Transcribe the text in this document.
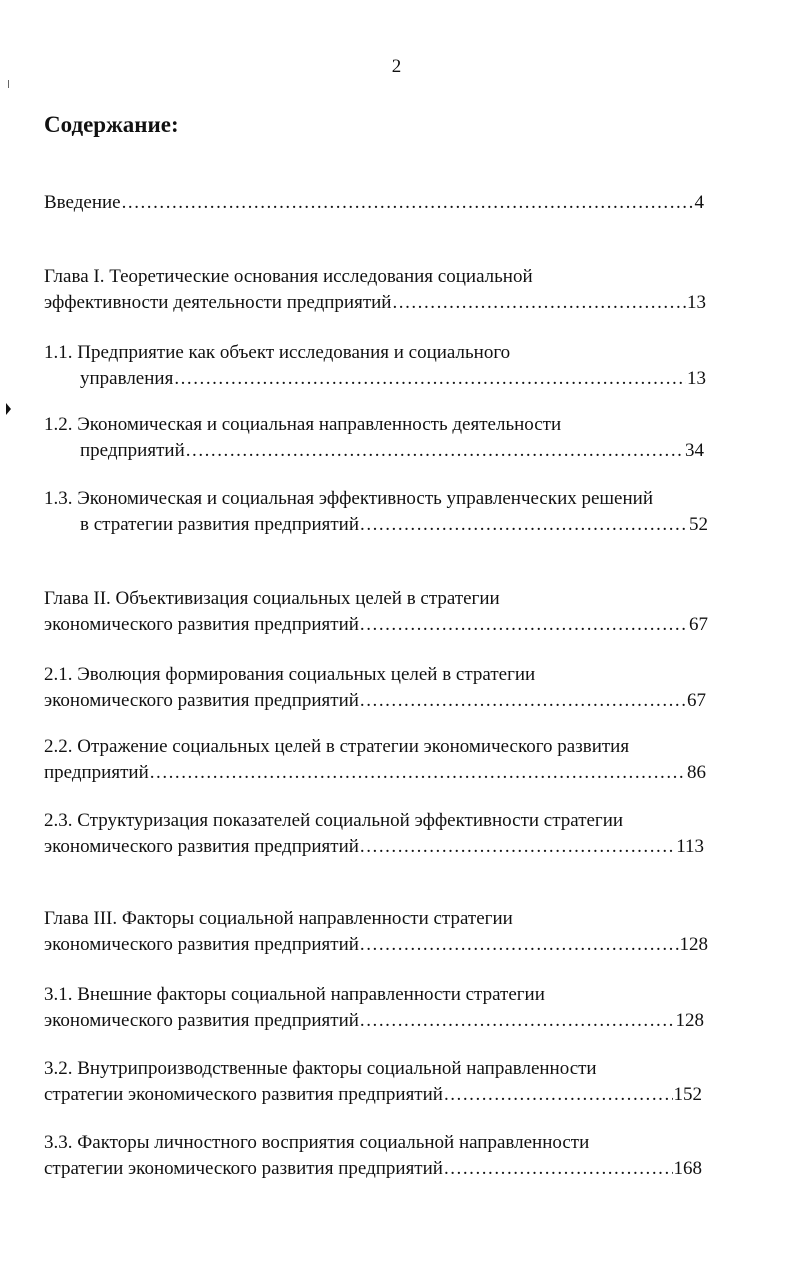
2
Содержание:
Введение . . .	4
Глава I. Теоретические основания исследования социальной
эффективности деятельности предприятий . . .	13
1.1. Предприятие как объект исследования и социального
управления . . .	13
1.2. Экономическая и социальная направленность деятельности
предприятий . . .	34
1.3. Экономическая и социальная эффективность управленческих решений
в стратегии развития предприятий . . .	52
Глава II. Объективизация социальных целей в стратегии
экономического развития предприятий . . .	67
2.1. Эволюция формирования социальных целей в стратегии
экономического развития предприятий . . .	67
2.2. Отражение социальных целей в стратегии экономического развития
предприятий . . .	86
2.3. Структуризация показателей социальной эффективности стратегии
экономического развития предприятий . . .	113
Глава III. Факторы социальной направленности стратегии
экономического развития предприятий . . .	128
3.1. Внешние факторы социальной направленности стратегии
экономического развития предприятий . . .	128
3.2. Внутрипроизводственные факторы социальной направленности
стратегии экономического развития предприятий . . .	152
3.3. Факторы личностного восприятия социальной направленности
стратегии экономического развития предприятий . . .	168
